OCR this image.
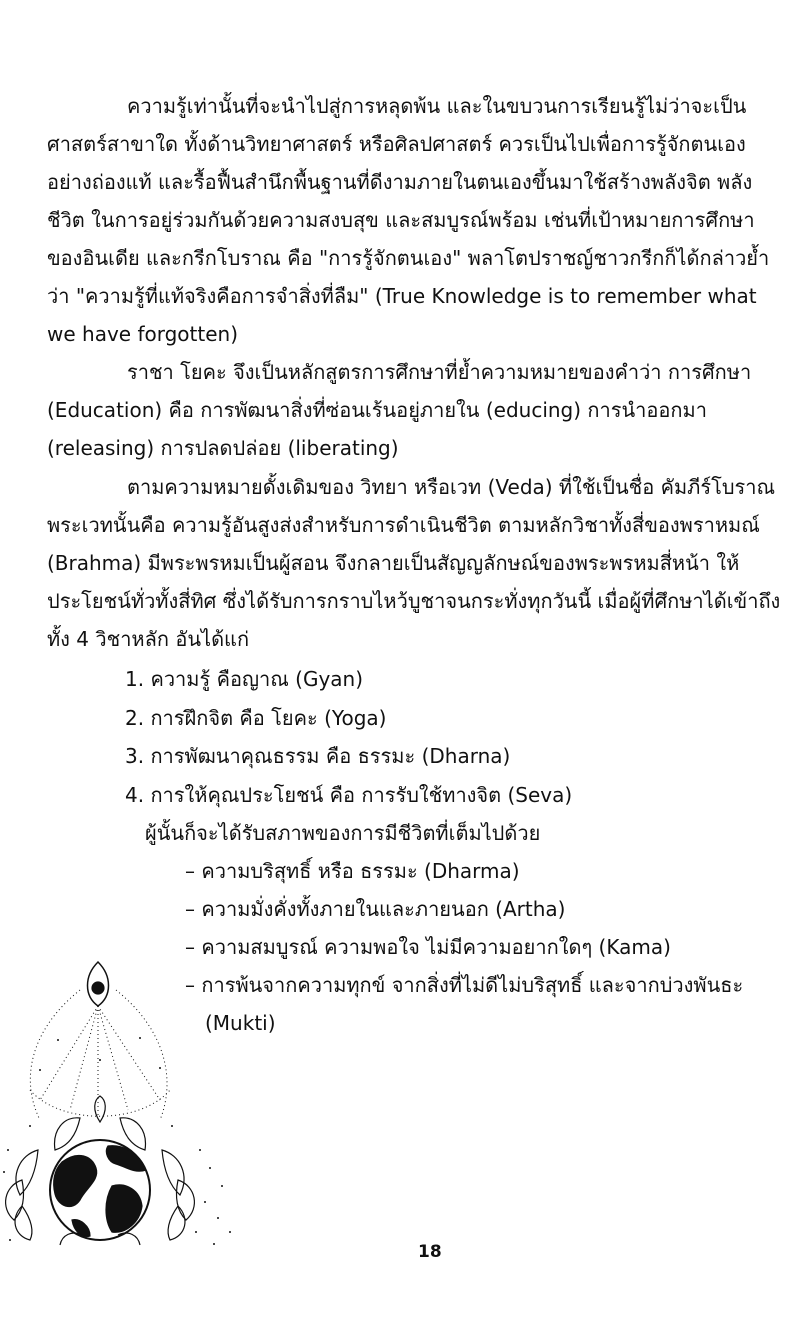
ความรู้เท่านั้นที่จะนำไปสู่การหลุดพ้น และในขบวนการเรียนรู้ไม่ว่าจะเป็นศาสตร์สาขาใด ทั้งด้านวิทยาศาสตร์ หรือศิลปศาสตร์ ควรเป็นไปเพื่อการรู้จักตนเองอย่างถ่องแท้ และรื้อฟื้นสำนึกพื้นฐานที่ดีงามภายในตนเองขึ้นมาใช้สร้างพลังจิต พลังชีวิต ในการอยู่ร่วมกันด้วยความสงบสุข และสมบูรณ์พร้อม เช่นที่เป้าหมายการศึกษาของอินเดีย และกรีกโบราณ คือ "การรู้จักตนเอง" พลาโตปราชญ์ชาวกรีกก็ได้กล่าวย้ำว่า "ความรู้ที่แท้จริงคือการจำสิ่งที่ลืม" (True Knowledge is to remember what we have forgotten)

ราชา โยคะ จึงเป็นหลักสูตรการศึกษาที่ย้ำความหมายของคำว่า การศึกษา (Education) คือ การพัฒนาสิ่งที่ซ่อนเร้นอยู่ภายใน (educing) การนำออกมา (releasing) การปลดปล่อย (liberating)

ตามความหมายดั้งเดิมของ วิทยา หรือเวท (Veda) ที่ใช้เป็นชื่อ คัมภีร์โบราณ พระเวทนั้นคือ ความรู้อันสูงส่งสำหรับการดำเนินชีวิต ตามหลักวิชาทั้งสี่ของพราหมณ์ (Brahma) มีพระพรหมเป็นผู้สอน จึงกลายเป็นสัญญลักษณ์ของพระพรหมสี่หน้า ให้ประโยชน์ทั่วทั้งสี่ทิศ ซึ่งได้รับการกราบไหว้บูชาจนกระทั่งทุกวันนี้ เมื่อผู้ที่ศึกษาได้เข้าถึงทั้ง 4 วิชาหลัก อันได้แก่

1. ความรู้ คือญาณ (Gyan)
2. การฝึกจิต คือ โยคะ (Yoga)
3. การพัฒนาคุณธรรม คือ ธรรมะ (Dharna)
4. การให้คุณประโยชน์ คือ การรับใช้ทางจิต (Seva)
ผู้นั้นก็จะได้รับสภาพของการมีชีวิตที่เต็มไปด้วย
– ความบริสุทธิ์ หรือ ธรรมะ (Dharma)
– ความมั่งคั่งทั้งภายในและภายนอก (Artha)
– ความสมบูรณ์ ความพอใจ ไม่มีความอยากใดๆ (Kama)
– การพ้นจากความทุกข์ จากสิ่งที่ไม่ดีไม่บริสุทธิ์ และจากบ่วงพันธะ (Mukti)
18
